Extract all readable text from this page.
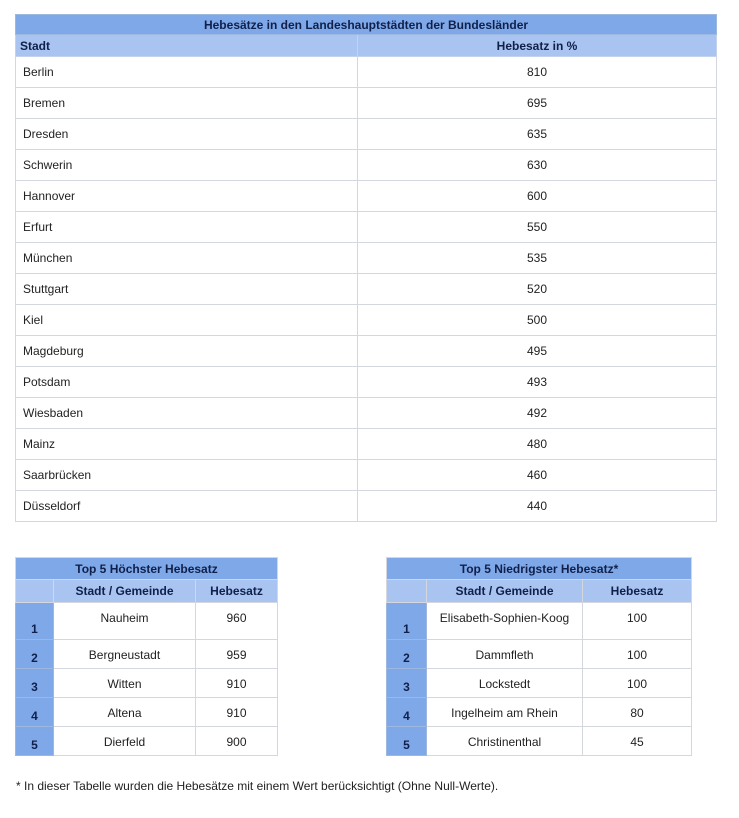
Hebesätze in den Landeshauptstädten der Bundesländer	
Stadt	Hebesatz in %
Berlin	810
Bremen	695
Dresden	635
Schwerin	630
Hannover	600
Erfurt	550
München	535
Stuttgart	520
Kiel	500
Magdeburg	495
Potsdam	493
Wiesbaden	492
Mainz	480
Saarbrücken	460
Düsseldorf	440
Top 5 Höchster Hebesatz		
	Stadt / Gemeinde	Hebesatz
1	Nauheim	960
2	Bergneustadt	959
3	Witten	910
4	Altena	910
5	Dierfeld	900
Top 5 Niedrigster Hebesatz*		
	Stadt / Gemeinde	Hebesatz
1	Elisabeth-Sophien-Koog	100
2	Dammfleth	100
3	Lockstedt	100
4	Ingelheim am Rhein	80
5	Christinenthal	45
* In dieser Tabelle wurden die Hebesätze mit einem Wert berücksichtigt (Ohne Null-Werte).
